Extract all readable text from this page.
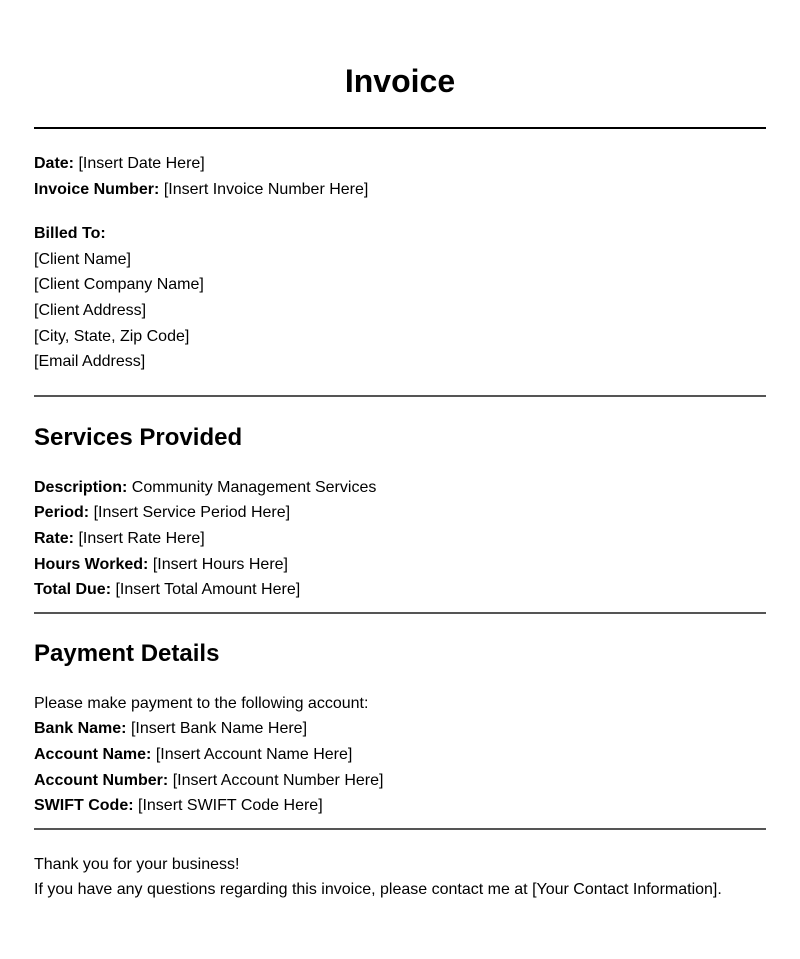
Invoice
Date: [Insert Date Here]
Invoice Number: [Insert Invoice Number Here]
Billed To:
[Client Name]
[Client Company Name]
[Client Address]
[City, State, Zip Code]
[Email Address]
Services Provided
Description: Community Management Services
Period: [Insert Service Period Here]
Rate: [Insert Rate Here]
Hours Worked: [Insert Hours Here]
Total Due: [Insert Total Amount Here]
Payment Details
Please make payment to the following account:
Bank Name: [Insert Bank Name Here]
Account Name: [Insert Account Name Here]
Account Number: [Insert Account Number Here]
SWIFT Code: [Insert SWIFT Code Here]
Thank you for your business!
If you have any questions regarding this invoice, please contact me at [Your Contact Information].
